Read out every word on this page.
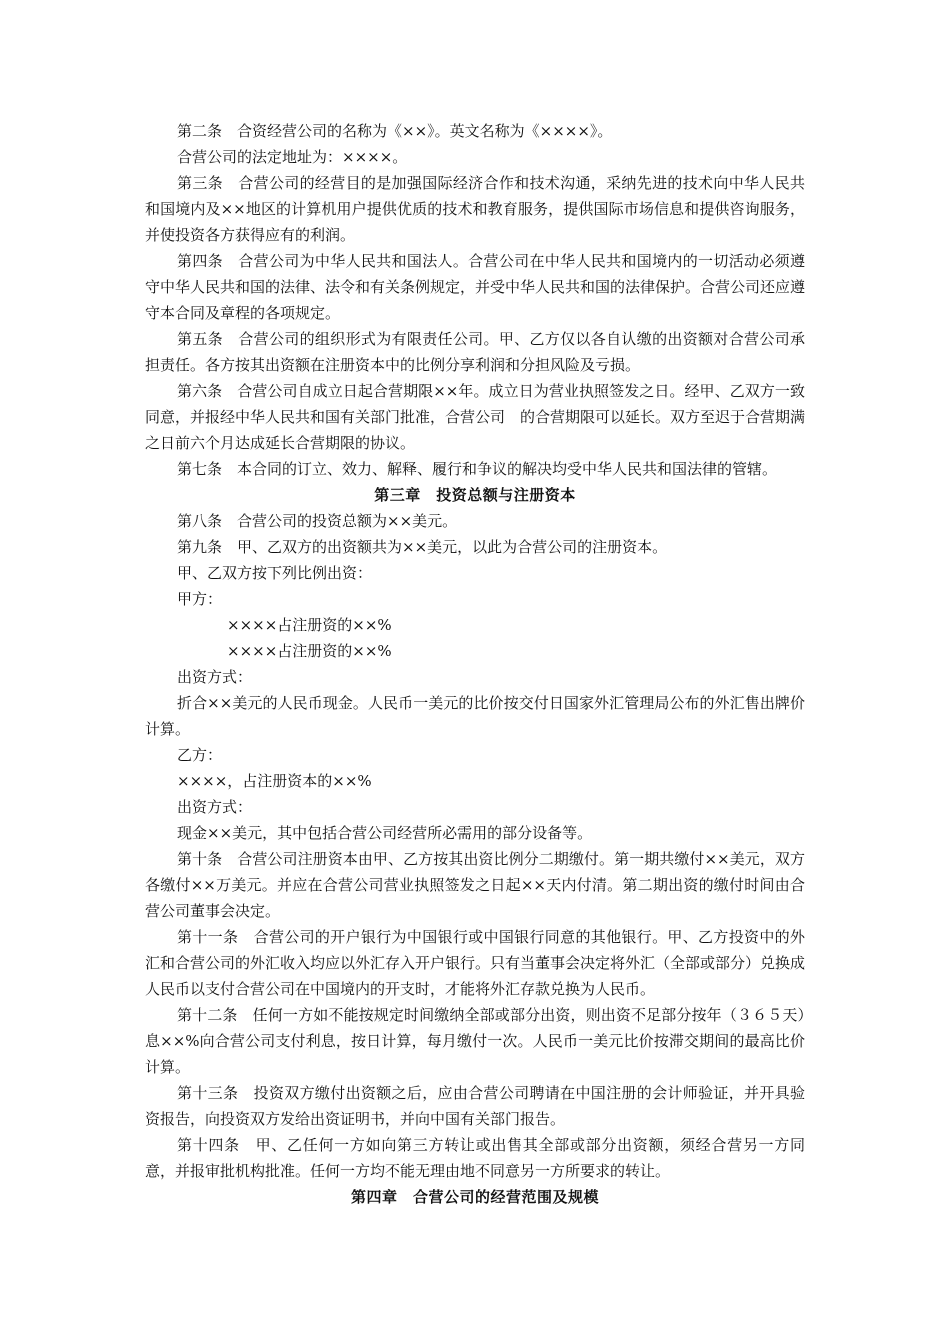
第二条　合资经营公司的名称为《××》。英文名称为《××××》。

合营公司的法定地址为：××××。

第三条　合营公司的经营目的是加强国际经济合作和技术沟通，采纳先进的技术向中华人民共和国境内及××地区的计算机用户提供优质的技术和教育服务，提供国际市场信息和提供咨询服务，并使投资各方获得应有的利润。

第四条　合营公司为中华人民共和国法人。合营公司在中华人民共和国境内的一切活动必须遵守中华人民共和国的法律、法令和有关条例规定，并受中华人民共和国的法律保护。合营公司还应遵守本合同及章程的各项规定。

第五条　合营公司的组织形式为有限责任公司。甲、乙方仅以各自认缴的出资额对合营公司承担责任。各方按其出资额在注册资本中的比例分享利润和分担风险及亏损。

第六条　合营公司自成立日起合营期限××年。成立日为营业执照签发之日。经甲、乙双方一致同意，并报经中华人民共和国有关部门批准，合营公司　的合营期限可以延长。双方至迟于合营期满之日前六个月达成延长合营期限的协议。

第七条　本合同的订立、效力、解释、履行和争议的解决均受中华人民共和国法律的管辖。

第三章　投资总额与注册资本

第八条　合营公司的投资总额为××美元。

第九条　甲、乙双方的出资额共为××美元，以此为合营公司的注册资本。

甲、乙双方按下列比例出资：

甲方：

××××占注册资的××%

××××占注册资的××%

出资方式：

折合××美元的人民币现金。人民币一美元的比价按交付日国家外汇管理局公布的外汇售出牌价计算。

乙方：

××××，占注册资本的××%

出资方式：

现金××美元，其中包括合营公司经营所必需用的部分设备等。

第十条　合营公司注册资本由甲、乙方按其出资比例分二期缴付。第一期共缴付××美元，双方各缴付××万美元。并应在合营公司营业执照签发之日起××天内付清。第二期出资的缴付时间由合营公司董事会决定。

第十一条　合营公司的开户银行为中国银行或中国银行同意的其他银行。甲、乙方投资中的外汇和合营公司的外汇收入均应以外汇存入开户银行。只有当董事会决定将外汇（全部或部分）兑换成人民币以支付合营公司在中国境内的开支时，才能将外汇存款兑换为人民币。

第十二条　任何一方如不能按规定时间缴纳全部或部分出资，则出资不足部分按年（３６５天）息××%向合营公司支付利息，按日计算，每月缴付一次。人民币一美元比价按滞交期间的最高比价计算。

第十三条　投资双方缴付出资额之后，应由合营公司聘请在中国注册的会计师验证，并开具验资报告，向投资双方发给出资证明书，并向中国有关部门报告。

第十四条　甲、乙任何一方如向第三方转让或出售其全部或部分出资额，须经合营另一方同意，并报审批机构批准。任何一方均不能无理由地不同意另一方所要求的转让。

第四章　合营公司的经营范围及规模
